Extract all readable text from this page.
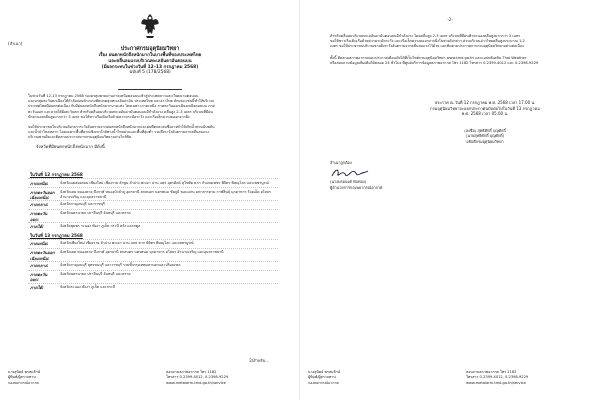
(สำเนา)
ประกาศกรมอุตุนิยมวิทยา
เรื่อง ฝนตกหนักถึงหนักมากในบางพื้นที่ของประเทศไทย
และคลื่นลมแรงบริเวณทะเลอันดามันตอนบน
(มีผลกระทบในช่วงวันที่ 12–13 กรกฎาคม 2568)
ฉบับที่ 5 (178/2568)
ในช่วงวันที่ 12-13 กรกฎาคม 2568 ร่องมรสุมพาดผ่านภาคเหนือตอนบนเข้าสู่ประเทศลาวและเวียดนามตอนบน
และมรสุมตะวันตกเฉียงใต้กำลังค่อนข้างแรงพัดปกคลุมทะเลอันดามัน ประเทศไทย และอ่าวไทย ลักษณะเช่นนี้ทำให้บริเวณ
ประเทศไทยมีฝนตกต่อเนื่อง กับมีฝนตกหนักถึงหนักมากบางแห่ง โดยเฉพาะภาคเหนือ ภาคตะวันออกเฉียงเหนือตอนบน ภาค
ตะวันออก และภาคใต้ฝั่งตะวันตก สำหรับคลื่นลมบริเวณทะเลอันดามันตอนบนมีกำลังแรง คลื่นสูง 2–3 เมตร บริเวณที่มีฝน
ฟ้าคะนองคลื่นสูงมากกว่า 3 เมตร ขอให้ชาวเรือเดินเรือด้วยความระมัดระวัง และเรือเล็กควรงดออกจากฝั่ง
ขอให้ประชาชนในบริเวณดังกล่าวระวังอันตรายจากฝนตกหนักถึงหนักมากและฝนที่ตกสะสมซึ่งอาจทำให้เกิดน้ำท่วมฉับพลัน
และน้ำป่าไหลหลาก โดยเฉพาะพื้นที่ลาดเชิงเขาใกล้ทางน้ำไหลผ่านและพื้นที่ลุ่มต่ำ รวมถึงระวังอันตรายจากคลื่นลมแรง
บริเวณชายฝั่งและติดตามประกาศจากกรมอุตุนิยมวิทยาอย่างใกล้ชิด
จังหวัดที่มีฝนตกหนักถึงหนักมาก มีดังนี้
ในวันที่ 12 กรกฎาคม 2568
ภาคเหนือ:	จังหวัดแม่ฮ่องสอน เชียงใหม่ เชียงราย ลำพูน ลำปาง พะเยา น่าน แพร่ อุตรดิตถ์ สุโขทัย ตาก กำแพงเพชร พิจิตร พิษณุโลก และเพชรบูรณ์
ภาคตะวันออกเฉียงเหนือ:
จังหวัดเลย หนองคาย บึงกาฬ หนองบัวลำภู อุดรธานี สกลนคร นครพนม ชัยภูมิ ขอนแก่น มหาสารคาม กาฬสินธุ์ มุกดาหาร ร้อยเอ็ด ยโสธร อำนาจเจริญ และอุบลราชธานี
ภาคกลาง:	จังหวัดกาญจนบุรี และราชบุรี
ภาคตะวันออก:
จังหวัดนครนายก ปราจีนบุรี จันทบุรี และตราด
ภาคใต้:	จังหวัดชุมพร ระนอง พังงา ภูเก็ต กระบี่ ตรัง และสตูล
ในวันที่ 13 กรกฎาคม 2568
ภาคเหนือ:	จังหวัดเชียงใหม่ เชียงราย ลำปาง พะเยา น่าน แพร่ ตาก พิจิตร พิษณุโลก และเพชรบูรณ์
ภาคตะวันออกเฉียงเหนือ:
จังหวัดเลย หนองคาย บึงกาฬ อุดรธานี สกลนคร นครพนม มุกดาหาร ยโสธร อำนาจเจริญ และอุบลราชธานี
ภาคกลาง:	จังหวัดกาญจนบุรี สุพรรณบุรี และราชบุรี รวมทั้งกรุงเทพมหานครและปริมณฑล
ภาคตะวันออก:
จังหวัดนครนายก ปราจีนบุรี จันทบุรี และตราด
ภาคใต้:	จังหวัดระนอง พังงา ภูเก็ต และกระบี่
2/สำหรับ...
นางสุนิตย์ พรหมรักษ์
ผู้พิมพ์/ผู้ตรวจทาน
กองพยากรณ์อากาศ
สอบถามสภาพอากาศ โทร 1182
โทรสาร 0-2399-4012, 0-2398-9229
www.metalarm.tmd.go.th/service
-2-
สำหรับคลื่นลมบริเวณทะเลอันดามันตอนบนมีกำลังแรง โดยคลื่นสูง 2-3 เมตร บริเวณที่มีฝนฟ้าคะนองคลื่นสูงมากกว่า 3 เมตร
ขอให้ชาวเรือเดินเรือด้วยความระมัดระวัง และเรือเล็กควรงดออกจากฝั่งในช่วงดังกล่าว ส่วนบริเวณอ่าวไทยคลื่นสูงประมาณ 1-2
เมตร ขอให้ประชาชนบริเวณชายฝั่งระวังอันตรายจากคลื่นลมแรงไว้ด้วย และติดตามประกาศจากกรมอุตุนิยมวิทยาอย่างต่อเนื่อง
ทั้งนี้ ติดตามสภาพอากาศและประกาศเตือนภัยได้ที่เว็บไซต์กรมอุตุนิยมวิทยา www.tmd.go.th และแอปพลิเคชัน Thai Weather
หรือสอบถามข้อมูลเพิ่มเติมได้ตลอด 24 ชั่วโมง ที่ศูนย์บริการข้อมูลสภาพอากาศ โทร 1182 โทรสาร 0-2399-4012 และ 0-2398-9229
ประกาศ ณ วันที่ 12 กรกฎาคม พ.ศ. 2568 เวลา 17.00 น.
กรมอุตุนิยมวิทยาจะออกประกาศฉบับต่อไปในวันที่ 13 กรกฎาคม พ.ศ. 2568 เวลา 05.00 น.
(ลงชื่อ) สุทธิศักดิ์ บุญศักดิ์
(นายสุทธิศักดิ์ บุญศักดิ์)
อธิบดีกรมอุตุนิยมวิทยา
สำเนาถูกต้อง
(นางพรอนงค์ ทับทอง)
ผู้อำนวยการกองพยากรณ์อากาศ
นางสุนิตย์ พรหมรักษ์
ผู้พิมพ์/ผู้ตรวจทาน
กองพยากรณ์อากาศ
สอบถามสภาพอากาศ โทร 1182
โทรสาร 0-2399-4012, 0-2398-9229
www.metalarm.tmd.go.th/service
